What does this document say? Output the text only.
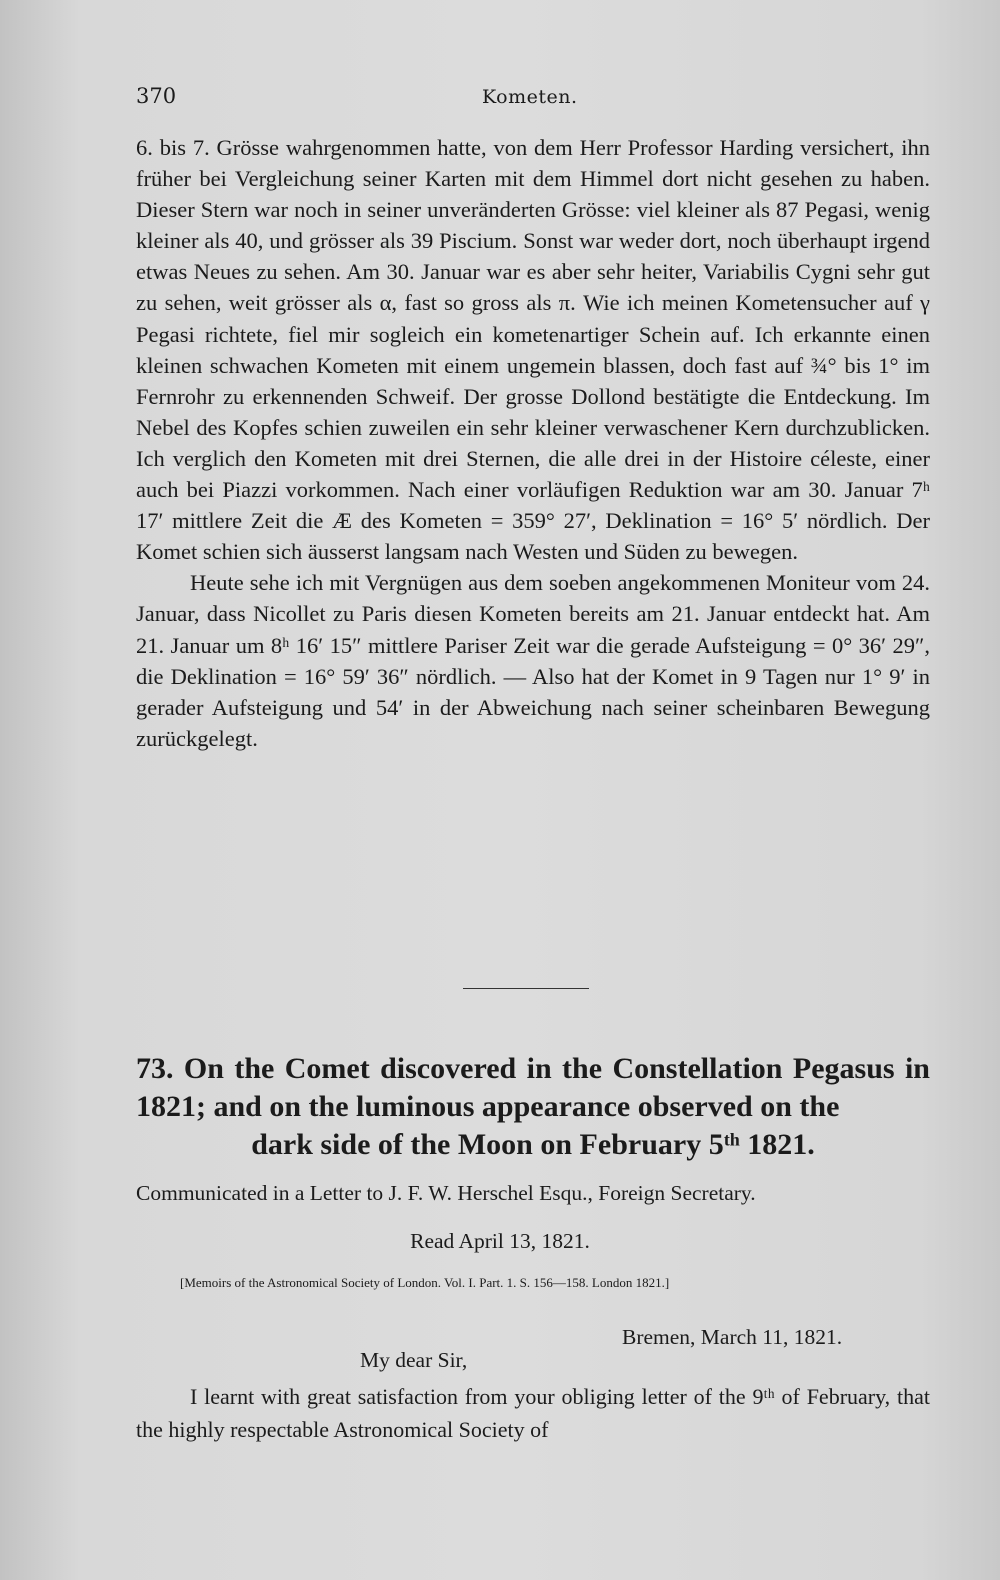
370	Kometen.

6. bis 7. Grösse wahrgenommen hatte, von dem Herr Professor Harding versichert, ihn früher bei Vergleichung seiner Karten mit dem Himmel dort nicht gesehen zu haben. Dieser Stern war noch in seiner unveränderten Grösse: viel kleiner als 87 Pegasi, wenig kleiner als 40, und grösser als 39 Piscium. Sonst war weder dort, noch überhaupt irgend etwas Neues zu sehen. Am 30. Januar war es aber sehr heiter, Variabilis Cygni sehr gut zu sehen, weit grösser als α, fast so gross als π. Wie ich meinen Kometensucher auf γ Pegasi richtete, fiel mir sogleich ein kometenartiger Schein auf. Ich erkannte einen kleinen schwachen Kometen mit einem ungemein blassen, doch fast auf ¾° bis 1° im Fernrohr zu erkennenden Schweif. Der grosse Dollond bestätigte die Entdeckung. Im Nebel des Kopfes schien zuweilen ein sehr kleiner verwaschener Kern durchzublicken. Ich verglich den Kometen mit drei Sternen, die alle drei in der Histoire céleste, einer auch bei Piazzi vorkommen. Nach einer vorläufigen Reduktion war am 30. Januar 7ʰ 17′ mittlere Zeit die Æ des Kometen = 359° 27′, Deklination = 16° 5′ nördlich. Der Komet schien sich äusserst langsam nach Westen und Süden zu bewegen.

Heute sehe ich mit Vergnügen aus dem soeben angekommenen Moniteur vom 24. Januar, dass Nicollet zu Paris diesen Kometen bereits am 21. Januar entdeckt hat. Am 21. Januar um 8ʰ 16′ 15″ mittlere Pariser Zeit war die gerade Aufsteigung = 0° 36′ 29″, die Deklination = 16° 59′ 36″ nördlich. — Also hat der Komet in 9 Tagen nur 1° 9′ in gerader Aufsteigung und 54′ in der Abweichung nach seiner scheinbaren Bewegung zurückgelegt.

73. On the Comet discovered in the Constellation Pegasus in 1821; and on the luminous appearance observed on the
dark side of the Moon on February 5ᵗʰ 1821.
Communicated in a Letter to J. F. W. Herschel Esqu., Foreign Secretary.
Read April 13, 1821.
[Memoirs of the Astronomical Society of London. Vol. I. Part. 1. S. 156—158. London 1821.]
Bremen, March 11, 1821.
My dear Sir,

I learnt with great satisfaction from your obliging letter of the 9ᵗʰ of February, that the highly respectable Astronomical Society of
